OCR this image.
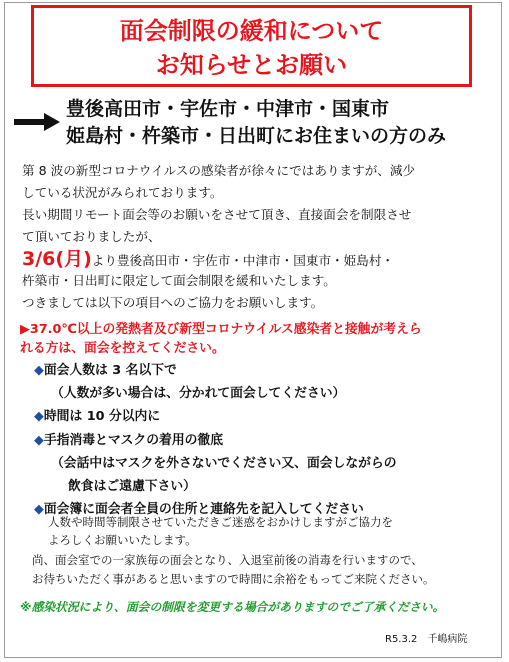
面会制限の緩和について
お知らせとお願い
豊後高田市・宇佐市・中津市・国東市
姫島村・杵築市・日出町にお住まいの方のみ
第 8 波の新型コロナウイルスの感染者が徐々にではありますが、減少
している状況がみられております。
長い期間リモート面会等のお願いをさせて頂き、直接面会を制限させ
て頂いておりましたが、
3/6(月)より豊後高田市・宇佐市・中津市・国東市・姫島村・
杵築市・日出町に限定して面会制限を緩和いたします。
つきましては以下の項目へのご協力をお願いします。
▶37.0℃以上の発熱者及び新型コロナウイルス感染者と接触が考えら
れる方は、面会を控えてください。
◆面会人数は 3 名以下で
（人数が多い場合は、分かれて面会してください）
◆時間は 10 分以内に
◆手指消毒とマスクの着用の徹底
（会話中はマスクを外さないでください又、面会しながらの
飲食はご遠慮下さい）
◆面会簿に面会者全員の住所と連絡先を記入してください
人数や時間等制限させていただきご迷惑をおかけしますがご協力を
よろしくお願いいたします。
尚、面会室での一家族毎の面会となり、入退室前後の消毒を行いますので、
お待ちいただく事があると思いますので時間に余裕をもってご来院ください。
※感染状況により、面会の制限を変更する場合がありますのでご了承ください。
R5.3.2　千嶋病院
